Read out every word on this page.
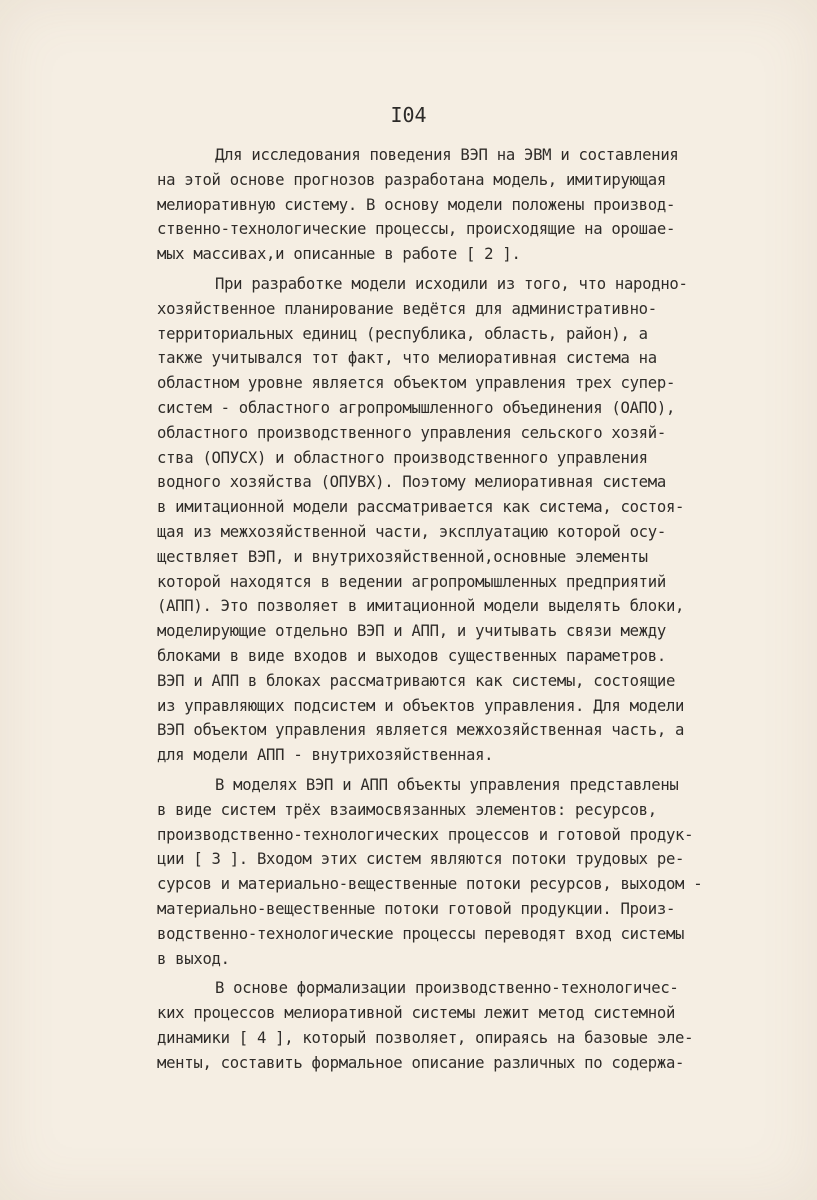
I04
Для исследования поведения ВЭП на ЭВМ и составления
на этой основе прогнозов разработана модель, имитирующая
мелиоративную систему. В основу модели положены производ-
ственно-технологические процессы, происходящие на орошае-
мых массивах,и описанные в работе [ 2 ].
При разработке модели исходили из того, что народно-
хозяйственное планирование ведётся для административно-
территориальных единиц (республика, область, район), а
также учитывался тот факт, что мелиоративная система на
областном уровне является объектом управления трех супер-
систем - областного агропромышленного объединения (ОАПО),
областного производственного управления сельского хозяй-
ства (ОПУСХ) и областного производственного управления
водного хозяйства (ОПУВХ). Поэтому мелиоративная система
в имитационной модели рассматривается как система, состоя-
щая из межхозяйственной части, эксплуатацию которой осу-
ществляет ВЭП, и внутрихозяйственной,основные элементы
которой находятся в ведении агропромышленных предприятий
(АПП). Это позволяет в имитационной модели выделять блоки,
моделирующие отдельно ВЭП и АПП, и учитывать связи между
блоками в виде входов и выходов существенных параметров.
ВЭП и АПП в блоках рассматриваются как системы, состоящие
из управляющих подсистем и объектов управления. Для модели
ВЭП объектом управления является межхозяйственная часть, а
для модели АПП - внутрихозяйственная.
В моделях ВЭП и АПП объекты управления представлены
в виде систем трёх взаимосвязанных элементов: ресурсов,
производственно-технологических процессов и готовой продук-
ции [ 3 ]. Входом этих систем являются потоки трудовых ре-
сурсов и материально-вещественные потоки ресурсов, выходом -
материально-вещественные потоки готовой продукции. Произ-
водственно-технологические процессы переводят вход системы
в выход.
В основе формализации производственно-технологичес-
ких процессов мелиоративной системы лежит метод системной
динамики [ 4 ], который позволяет, опираясь на базовые эле-
менты, составить формальное описание различных по содержа-
